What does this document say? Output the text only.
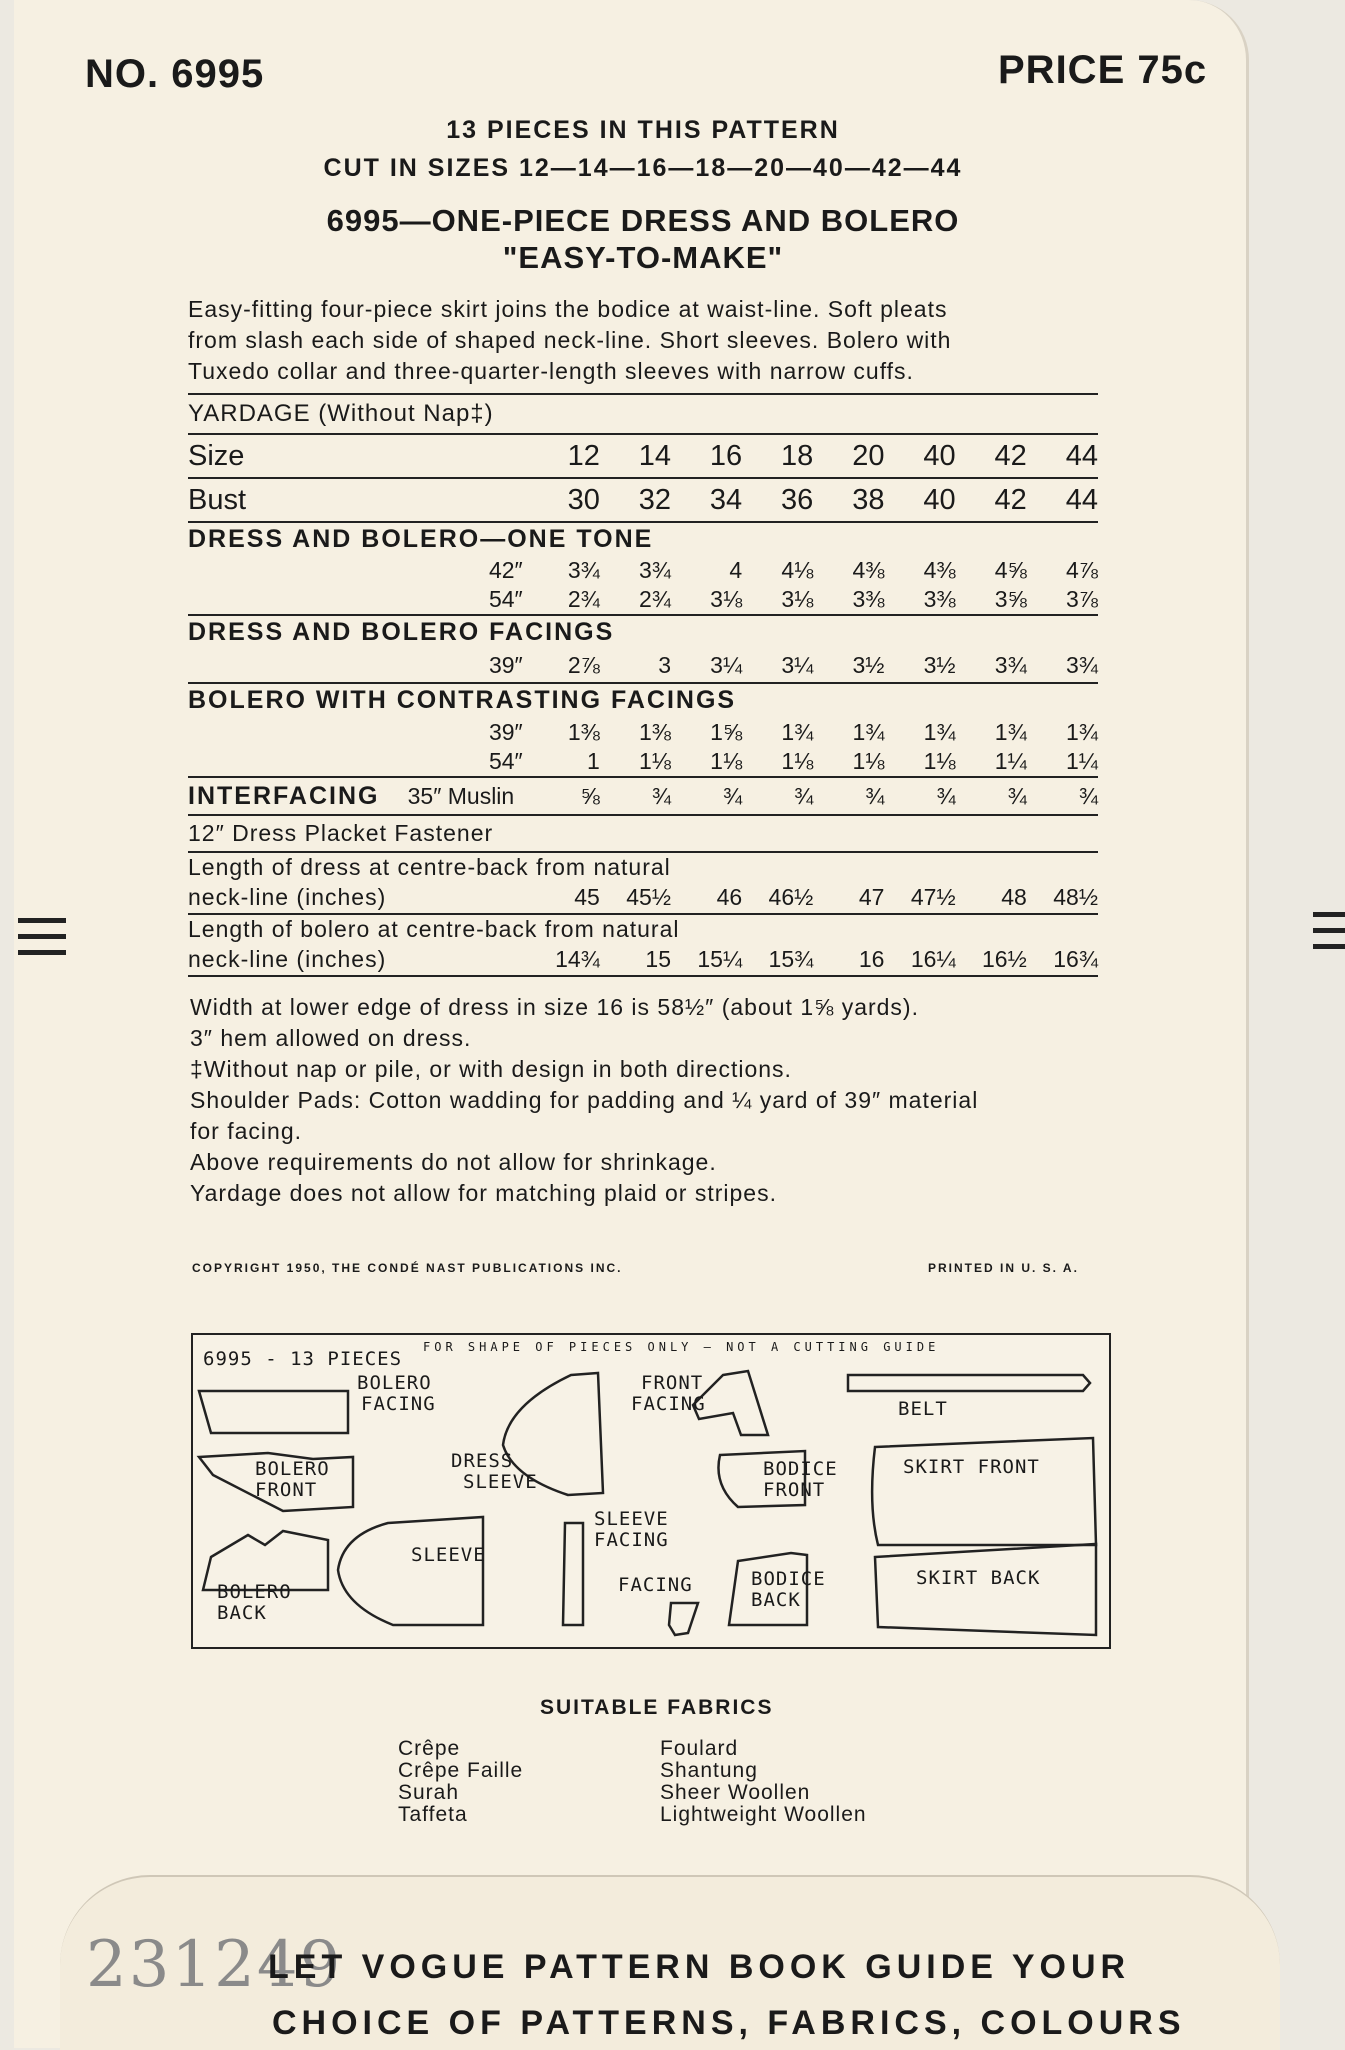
NO. 6995	PRICE 75c
13 PIECES IN THIS PATTERN
CUT IN SIZES 12—14—16—18—20—40—42—44
6995—ONE-PIECE DRESS AND BOLERO
"EASY-TO-MAKE"
Easy-fitting four-piece skirt joins the bodice at waist-line. Soft pleats
from slash each side of shaped neck-line. Short sleeves. Bolero with
Tuxedo collar and three-quarter-length sleeves with narrow cuffs.
YARDAGE (Without Nap‡)									
Size		12	14	16	18	20	40	42	44
Bust		30	32	34	36	38	40	42	44
DRESS AND BOLERO—ONE TONE									
	42″	3¾	3¾	4	4⅛	4⅜	4⅜	4⅝	4⅞
	54″	2¾	2¾	3⅛	3⅛	3⅜	3⅜	3⅝	3⅞
DRESS AND BOLERO FACINGS									
	39″	2⅞	3	3¼	3¼	3½	3½	3¾	3¾
BOLERO WITH CONTRASTING FACINGS									
	39″	1⅜	1⅜	1⅝	1¾	1¾	1¾	1¾	1¾
	54″	1	1⅛	1⅛	1⅛	1⅛	1⅛	1¼	1¼
INTERFACING	35″ Muslin	⅝	¾	¾	¾	¾	¾	¾	¾
12″ Dress Placket Fastener									
Length of dress at centre-back from natural									
neck-line (inches)		45	45½	46	46½	47	47½	48	48½
Length of bolero at centre-back from natural									
neck-line (inches)		14¾	15	15¼	15¾	16	16¼	16½	16¾

Width at lower edge of dress in size 16 is 58½″ (about 1⅝ yards).
3″ hem allowed on dress.
‡Without nap or pile, or with design in both directions.
Shoulder Pads: Cotton wadding for padding and ¼ yard of 39″ material
for facing.
Above requirements do not allow for shrinkage.
Yardage does not allow for matching plaid or stripes.
COPYRIGHT 1950, THE CONDÉ NAST PUBLICATIONS INC.	PRINTED IN U. S. A.
6995 - 13 PIECES
FOR SHAPE OF PIECES ONLY — NOT A CUTTING GUIDE
BOLERO
FACING
FRONT
FACING	BELT
BOLERO
FRONT
DRESS
SLEEVE
BODICE
FRONT
SKIRT FRONT
SLEEVE
SLEEVE
FACING
FACING	BODICE
BACK
SKIRT BACK
BOLERO
BACK
SUITABLE FABRICS
Crêpe
Crêpe Faille
Surah
Taffeta
Foulard
Shantung
Sheer Woollen
Lightweight Woollen
231249
LET VOGUE PATTERN BOOK GUIDE YOUR
CHOICE OF PATTERNS, FABRICS, COLOURS
